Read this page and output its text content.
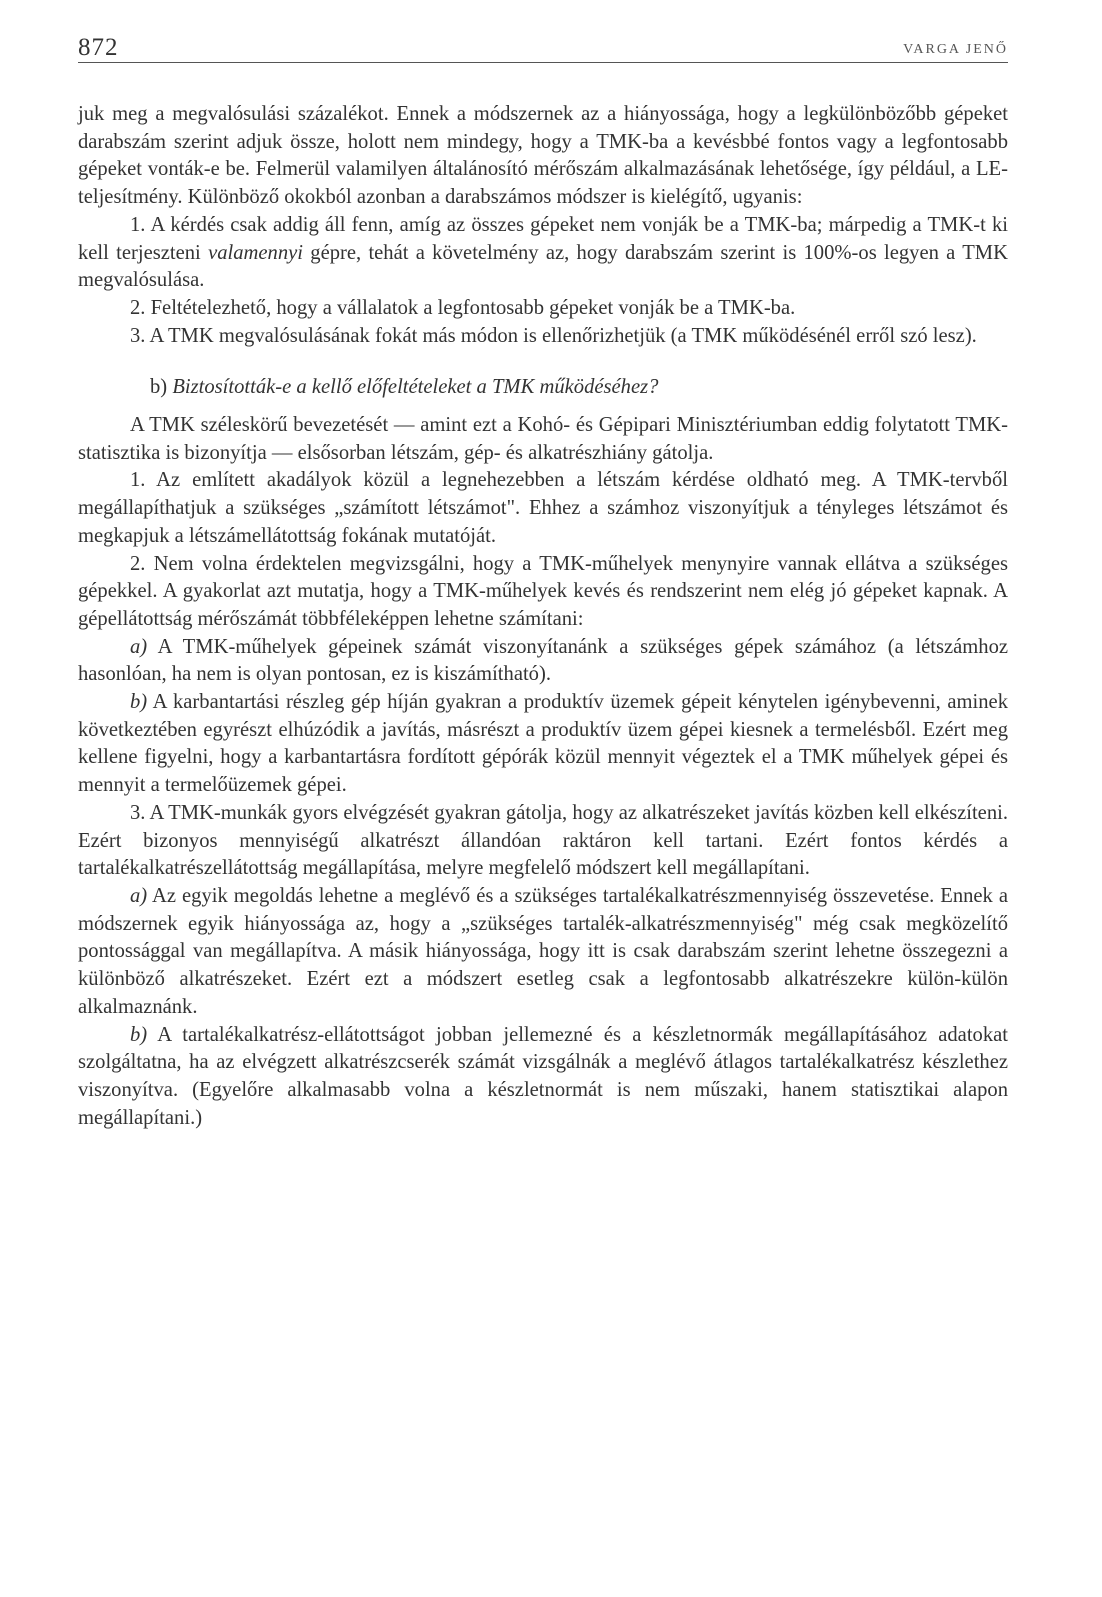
872	VARGA JENŐ

juk meg a megvalósulási százalékot. Ennek a módszernek az a hiányossága, hogy a legkülönbözőbb gépeket darabszám szerint adjuk össze, holott nem mindegy, hogy a TMK-ba a kevésbbé fontos vagy a legfontosabb gépeket vonták-e be. Felmerül valamilyen általánosító mérőszám alkalmazásának lehetősége, így például, a LE-teljesítmény. Különböző okokból azonban a darabszámos módszer is kielégítő, ugyanis:

1. A kérdés csak addig áll fenn, amíg az összes gépeket nem vonják be a TMK-ba; márpedig a TMK-t ki kell terjeszteni valamennyi gépre, tehát a követelmény az, hogy darabszám szerint is 100%-os legyen a TMK megvalósulása.

2. Feltételezhető, hogy a vállalatok a legfontosabb gépeket vonják be a TMK-ba.

3. A TMK megvalósulásának fokát más módon is ellenőrizhetjük (a TMK működésénél erről szó lesz).

b) Biztosították-e a kellő előfeltételeket a TMK működéséhez?

A TMK széleskörű bevezetését — amint ezt a Kohó- és Gépipari Minisztériumban eddig folytatott TMK-statisztika is bizonyítja — elsősorban létszám, gép- és alkatrészhiány gátolja.

1. Az említett akadályok közül a legnehezebben a létszám kérdése oldható meg. A TMK-tervből megállapíthatjuk a szükséges „számított létszámot". Ehhez a számhoz viszonyítjuk a tényleges létszámot és megkapjuk a létszámellátottság fokának mutatóját.

2. Nem volna érdektelen megvizsgálni, hogy a TMK-műhelyek menynyire vannak ellátva a szükséges gépekkel. A gyakorlat azt mutatja, hogy a TMK-műhelyek kevés és rendszerint nem elég jó gépeket kapnak. A gépellátottság mérőszámát többféleképpen lehetne számítani:

a) A TMK-műhelyek gépeinek számát viszonyítanánk a szükséges gépek számához (a létszámhoz hasonlóan, ha nem is olyan pontosan, ez is kiszámítható).

b) A karbantartási részleg gép híján gyakran a produktív üzemek gépeit kénytelen igénybevenni, aminek következtében egyrészt elhúzódik a javítás, másrészt a produktív üzem gépei kiesnek a termelésből. Ezért meg kellene figyelni, hogy a karbantartásra fordított gépórák közül mennyit végeztek el a TMK műhelyek gépei és mennyit a termelőüzemek gépei.

3. A TMK-munkák gyors elvégzését gyakran gátolja, hogy az alkatrészeket javítás közben kell elkészíteni. Ezért bizonyos mennyiségű alkatrészt állandóan raktáron kell tartani. Ezért fontos kérdés a tartalékalkatrészellátottság megállapítása, melyre megfelelő módszert kell megállapítani.

a) Az egyik megoldás lehetne a meglévő és a szükséges tartalékalkatrészmennyiség összevetése. Ennek a módszernek egyik hiányossága az, hogy a „szükséges tartalék-alkatrészmennyiség" még csak megközelítő pontossággal van megállapítva. A másik hiányossága, hogy itt is csak darabszám szerint lehetne összegezni a különböző alkatrészeket. Ezért ezt a módszert esetleg csak a legfontosabb alkatrészekre külön-külön alkalmaznánk.

b) A tartalékalkatrész-ellátottságot jobban jellemezné és a készletnormák megállapításához adatokat szolgáltatna, ha az elvégzett alkatrészcserék számát vizsgálnák a meglévő átlagos tartalékalkatrész készlethez viszonyítva. (Egyelőre alkalmasabb volna a készletnormát is nem műszaki, hanem statisztikai alapon megállapítani.)
